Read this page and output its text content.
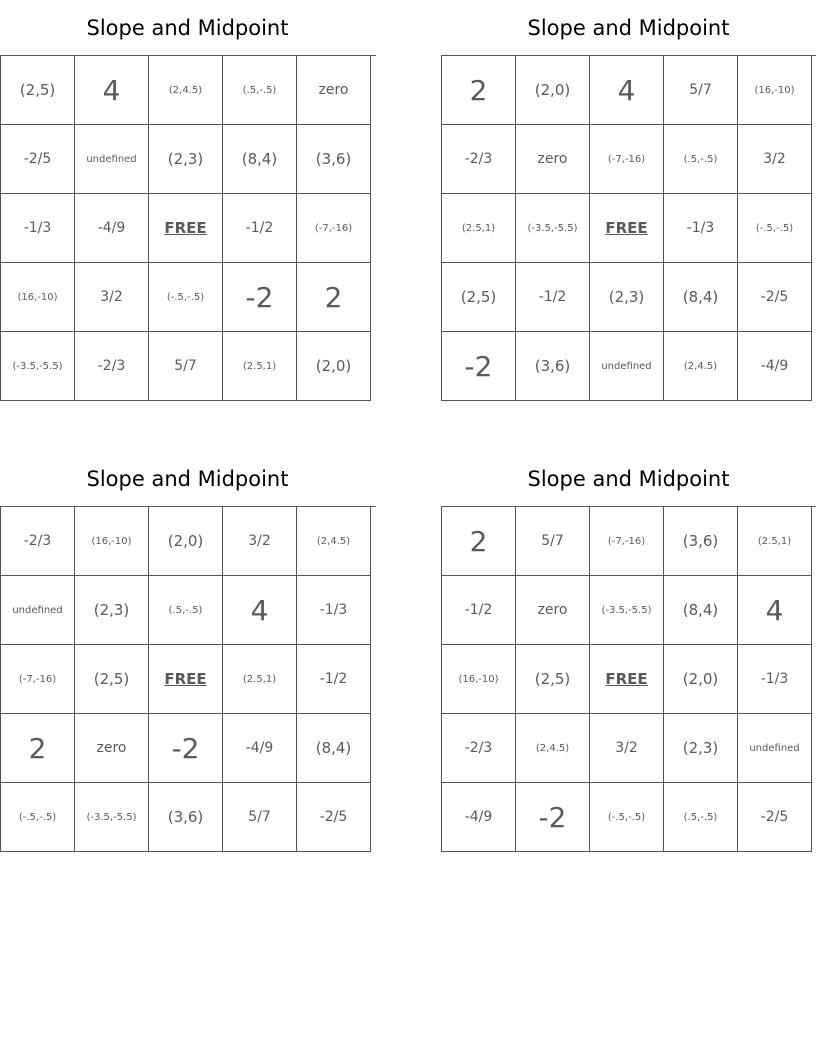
Slope and Midpoint
(2,5)	4	(2,4.5)	(.5,-.5)	zero
-2/5	undefined	(2,3)	(8,4)	(3,6)
-1/3	-4/9	FREE	-1/2	(-7,-16)
(16,-10)	3/2	(-.5,-.5)	-2	2
(-3.5,-5.5)	-2/3	5/7	(2.5,1)	(2,0)
Slope and Midpoint
2	(2,0)	4	5/7	(16,-10)
-2/3	zero	(-7,-16)	(.5,-.5)	3/2
(2.5,1)	(-3.5,-5.5)	FREE	-1/3	(-.5,-.5)
(2,5)	-1/2	(2,3)	(8,4)	-2/5
-2	(3,6)	undefined	(2,4.5)	-4/9
Slope and Midpoint
-2/3	(16,-10)	(2,0)	3/2	(2,4.5)
undefined	(2,3)	(.5,-.5)	4	-1/3
(-7,-16)	(2,5)	FREE	(2.5,1)	-1/2
2	zero	-2	-4/9	(8,4)
(-.5,-.5)	(-3.5,-5.5)	(3,6)	5/7	-2/5
Slope and Midpoint
2	5/7	(-7,-16)	(3,6)	(2.5,1)
-1/2	zero	(-3.5,-5.5)	(8,4)	4
(16,-10)	(2,5)	FREE	(2,0)	-1/3
-2/3	(2,4.5)	3/2	(2,3)	undefined
-4/9	-2	(-.5,-.5)	(.5,-.5)	-2/5
